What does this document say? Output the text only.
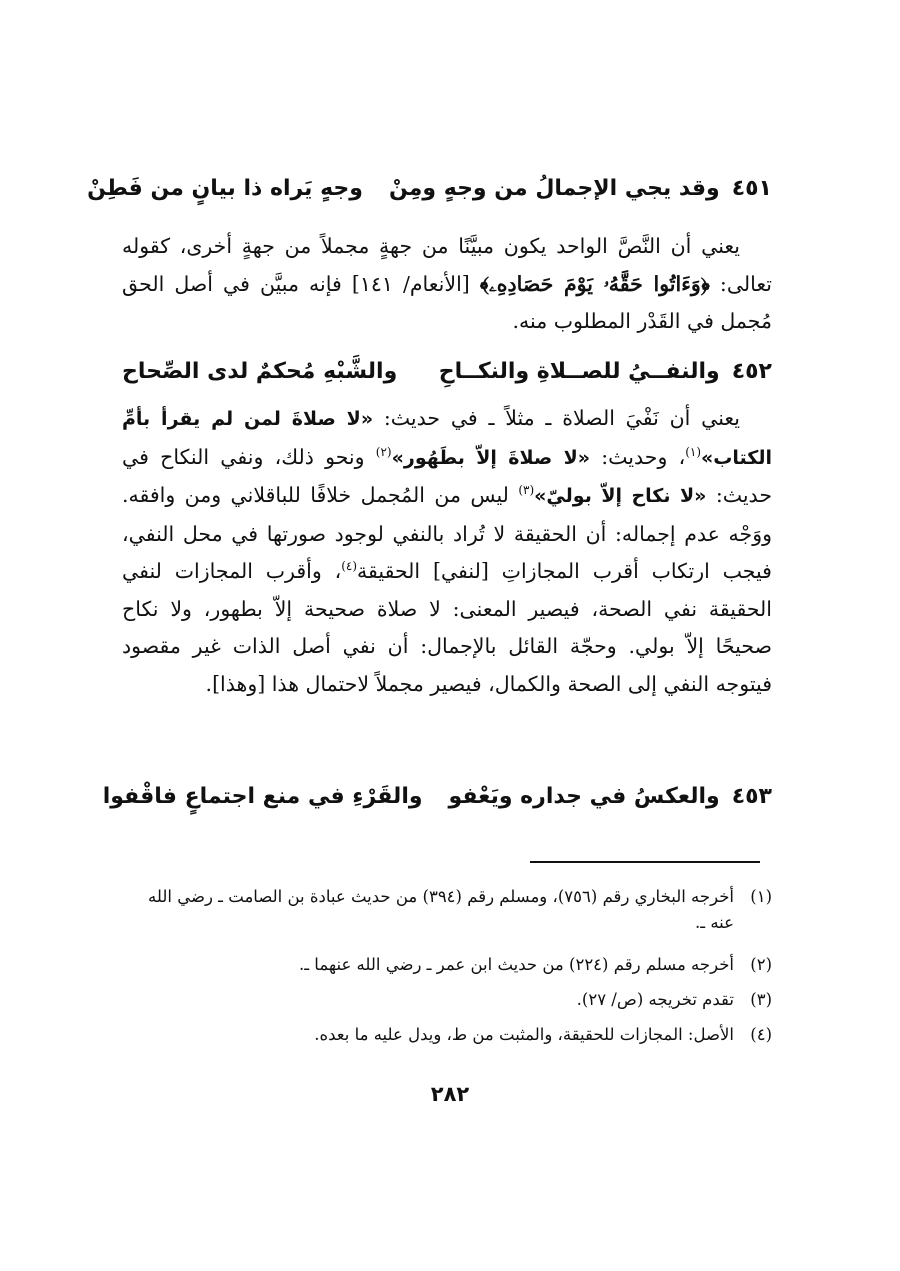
٤٥١
وقد يجي الإجمالُ من وجهٍ ومِنْ
وجهٍ يَراه ذا بيانٍ من فَطِنْ
يعني أن النَّصَّ الواحد يكون مبيَّنًا من جهةٍ مجملاً من جهةٍ أخرى، كقوله تعالى: ﴿وَءَاتُوا حَقَّهُۥ يَوْمَ حَصَادِهِۦ﴾ [الأنعام/ ١٤١] فإنه مبيَّن في أصل الحق مُجمل في القَدْر المطلوب منه.
٤٥٢
والنفــيُ للصــلاةِ والنكــاحِ
والشَّبْهِ مُحكمٌ لدى الصِّحاح
يعني أن نَفْيَ الصلاة ـ مثلاً ـ في حديث: «لا صلاةَ لمن لم يقرأ بأمِّ الكتاب»$^{(١)}$، وحديث: «لا صلاةَ إلاّ بطَهُور»$^{(٢)}$ ونحو ذلك، ونفي النكاح في حديث: «لا نكاح إلاّ بوليّ»$^{(٣)}$ ليس من المُجمل خلافًا للباقلاني ومن وافقه. ووَجْه عدم إجماله: أن الحقيقة لا تُراد بالنفي لوجود صورتها في محل النفي، فيجب ارتكاب أقرب المجازاتِ [لنفي] الحقيقة$^{(٤)}$، وأقرب المجازات لنفي الحقيقة نفي الصحة، فيصير المعنى: لا صلاة صحيحة إلاّ بطهور، ولا نكاح صحيحًا إلاّ بولي. وحجّة القائل بالإجمال: أن نفي أصل الذات غير مقصود فيتوجه النفي إلى الصحة والكمال، فيصير مجملاً لاحتمال هذا [وهذا].
٤٥٣
والعكسُ في جداره ويَعْفو
والقَرْءِ في منع اجتماعٍ فاقْفوا
(١)
أخرجه البخاري رقم (٧٥٦)، ومسلم رقم (٣٩٤) من حديث عبادة بن الصامت ـ رضي الله عنه ـ.
(٢)
أخرجه مسلم رقم (٢٢٤) من حديث ابن عمر ـ رضي الله عنهما ـ.
(٣)
تقدم تخريجه (ص/ ٢٧).
(٤)
الأصل: المجازات للحقيقة، والمثبت من ط، ويدل عليه ما بعده.
٢٨٢
